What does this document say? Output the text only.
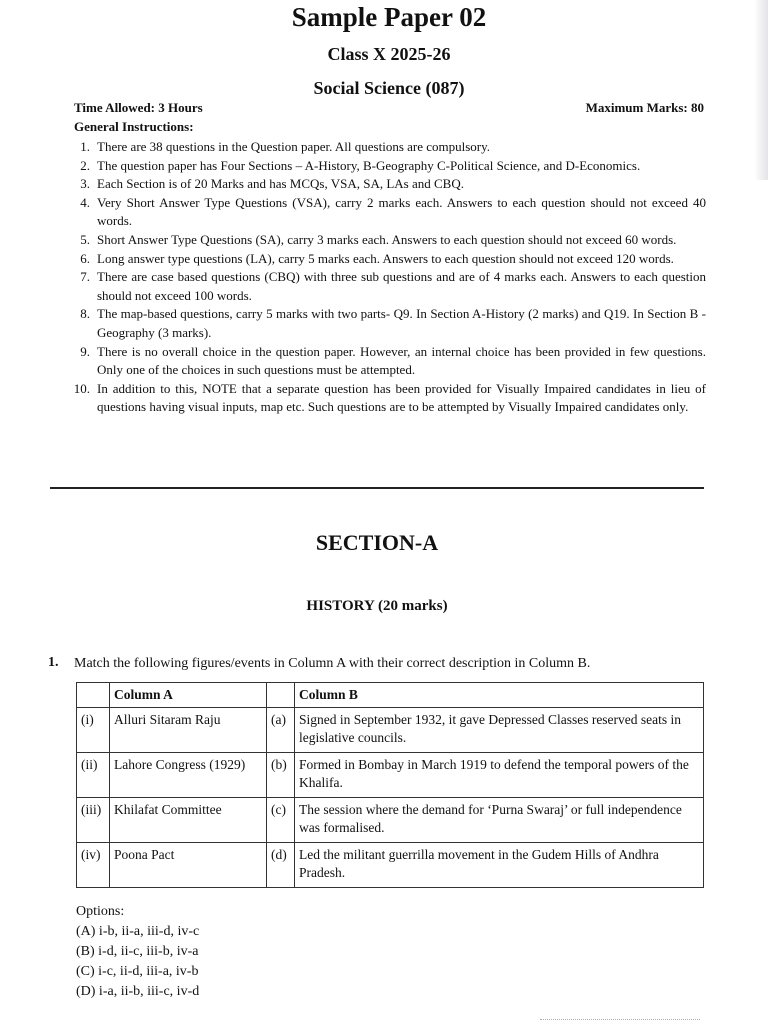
Sample Paper 02
Class X 2025-26
Social Science (087)
Time Allowed: 3 Hours	Maximum Marks: 80
General Instructions:
1. There are 38 questions in the Question paper. All questions are compulsory.
2. The question paper has Four Sections – A-History, B-Geography C-Political Science, and D-Economics.
3. Each Section is of 20 Marks and has MCQs, VSA, SA, LAs and CBQ.
4. Very Short Answer Type Questions (VSA), carry 2 marks each. Answers to each question should not exceed 40 words.
5. Short Answer Type Questions (SA), carry 3 marks each. Answers to each question should not exceed 60 words.
6. Long answer type questions (LA), carry 5 marks each. Answers to each question should not exceed 120 words.
7. There are case based questions (CBQ) with three sub questions and are of 4 marks each. Answers to each question should not exceed 100 words.
8. The map-based questions, carry 5 marks with two parts- Q9. In Section A-History (2 marks) and Q19. In Section B -Geography (3 marks).
9. There is no overall choice in the question paper. However, an internal choice has been provided in few questions. Only one of the choices in such questions must be attempted.
10. In addition to this, NOTE that a separate question has been provided for Visually Impaired candidates in lieu of questions having visual inputs, map etc. Such questions are to be attempted by Visually Impaired candidates only.
SECTION-A
HISTORY (20 marks)
1. Match the following figures/events in Column A with their correct description in Column B.
	Column A		Column B
(i)	Alluri Sitaram Raju	(a)	Signed in September 1932, it gave Depressed Classes reserved seats in legislative councils.
(ii)	Lahore Congress (1929)	(b)	Formed in Bombay in March 1919 to defend the temporal powers of the Khalifa.
(iii)	Khilafat Committee	(c)	The session where the demand for ‘Purna Swaraj’ or full independence was formalised.
(iv)	Poona Pact	(d)	Led the militant guerrilla movement in the Gudem Hills of Andhra Pradesh.
Options:
(A) i-b, ii-a, iii-d, iv-c
(B) i-d, ii-c, iii-b, iv-a
(C) i-c, ii-d, iii-a, iv-b
(D) i-a, ii-b, iii-c, iv-d
